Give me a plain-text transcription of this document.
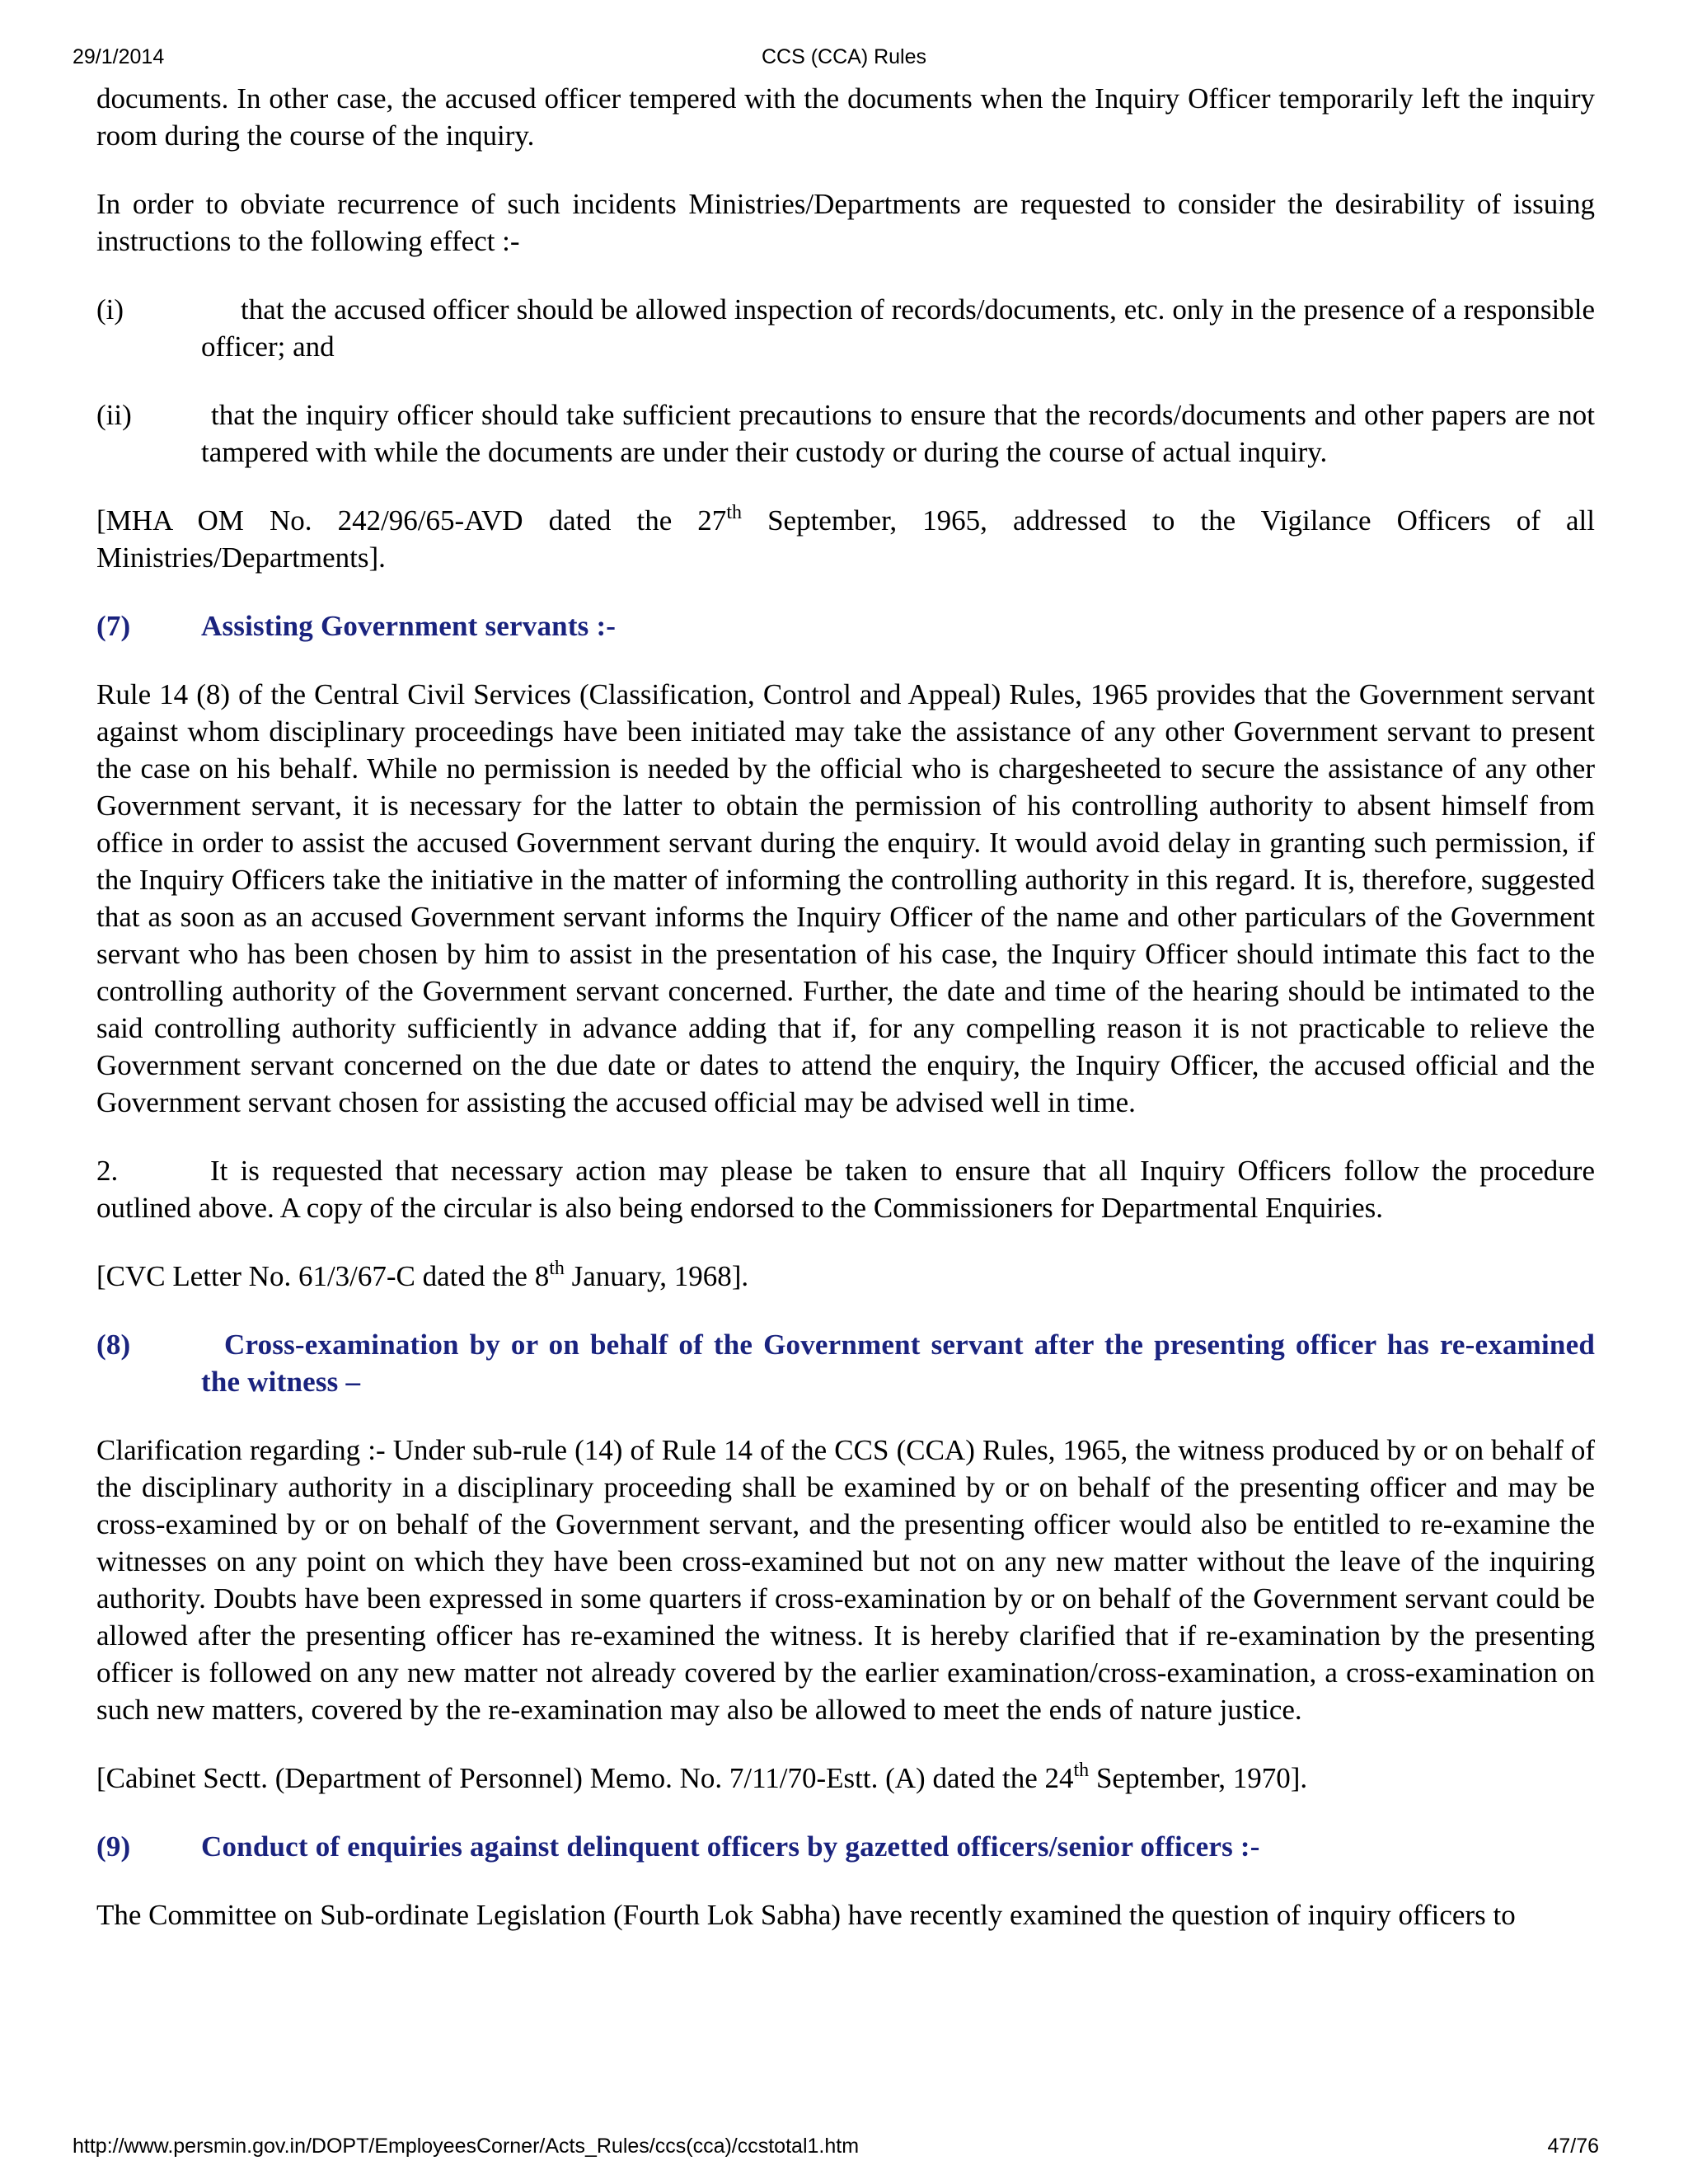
29/1/2014	CCS (CCA) Rules

documents. In other case, the accused officer tempered with the documents when the Inquiry Officer temporarily left the inquiry room during the course of the inquiry.

In order to obviate recurrence of such incidents Ministries/Departments are requested to consider the desirability of issuing instructions to the following effect :-

(i)	that the accused officer should be allowed inspection of records/documents, etc. only in the presence of a responsible officer; and
(ii)	that the inquiry officer should take sufficient precautions to ensure that the records/documents and other papers are not tampered with while the documents are under their custody or during the course of actual inquiry.

[MHA OM No. 242/96/65-AVD dated the 27th September, 1965, addressed to the Vigilance Officers of all Ministries/Departments].

(7) Assisting Government servants :-

Rule 14 (8) of the Central Civil Services (Classification, Control and Appeal) Rules, 1965 provides that the Government servant against whom disciplinary proceedings have been initiated may take the assistance of any other Government servant to present the case on his behalf. While no permission is needed by the official who is chargesheeted to secure the assistance of any other Government servant, it is necessary for the latter to obtain the permission of his controlling authority to absent himself from office in order to assist the accused Government servant during the enquiry. It would avoid delay in granting such permission, if the Inquiry Officers take the initiative in the matter of informing the controlling authority in this regard. It is, therefore, suggested that as soon as an accused Government servant informs the Inquiry Officer of the name and other particulars of the Government servant who has been chosen by him to assist in the presentation of his case, the Inquiry Officer should intimate this fact to the controlling authority of the Government servant concerned. Further, the date and time of the hearing should be intimated to the said controlling authority sufficiently in advance adding that if, for any compelling reason it is not practicable to relieve the Government servant concerned on the due date or dates to attend the enquiry, the Inquiry Officer, the accused official and the Government servant chosen for assisting the accused official may be advised well in time.

2.	It is requested that necessary action may please be taken to ensure that all Inquiry Officers follow the procedure outlined above. A copy of the circular is also being endorsed to the Commissioners for Departmental Enquiries.

[CVC Letter No. 61/3/67-C dated the 8th January, 1968].

(8)	Cross-examination by or on behalf of the Government servant after the presenting officer has re-examined the witness –

Clarification regarding :- Under sub-rule (14) of Rule 14 of the CCS (CCA) Rules, 1965, the witness produced by or on behalf of the disciplinary authority in a disciplinary proceeding shall be examined by or on behalf of the presenting officer and may be cross-examined by or on behalf of the Government servant, and the presenting officer would also be entitled to re-examine the witnesses on any point on which they have been cross-examined but not on any new matter without the leave of the inquiring authority. Doubts have been expressed in some quarters if cross-examination by or on behalf of the Government servant could be allowed after the presenting officer has re-examined the witness. It is hereby clarified that if re-examination by the presenting officer is followed on any new matter not already covered by the earlier examination/cross-examination, a cross-examination on such new matters, covered by the re-examination may also be allowed to meet the ends of nature justice.

[Cabinet Sectt. (Department of Personnel) Memo. No. 7/11/70-Estt. (A) dated the 24th September, 1970].

(9) Conduct of enquiries against delinquent officers by gazetted officers/senior officers :-

The Committee on Sub-ordinate Legislation (Fourth Lok Sabha) have recently examined the question of inquiry officers to

http://www.persmin.gov.in/DOPT/EmployeesCorner/Acts_Rules/ccs(cca)/ccstotal1.htm	47/76
